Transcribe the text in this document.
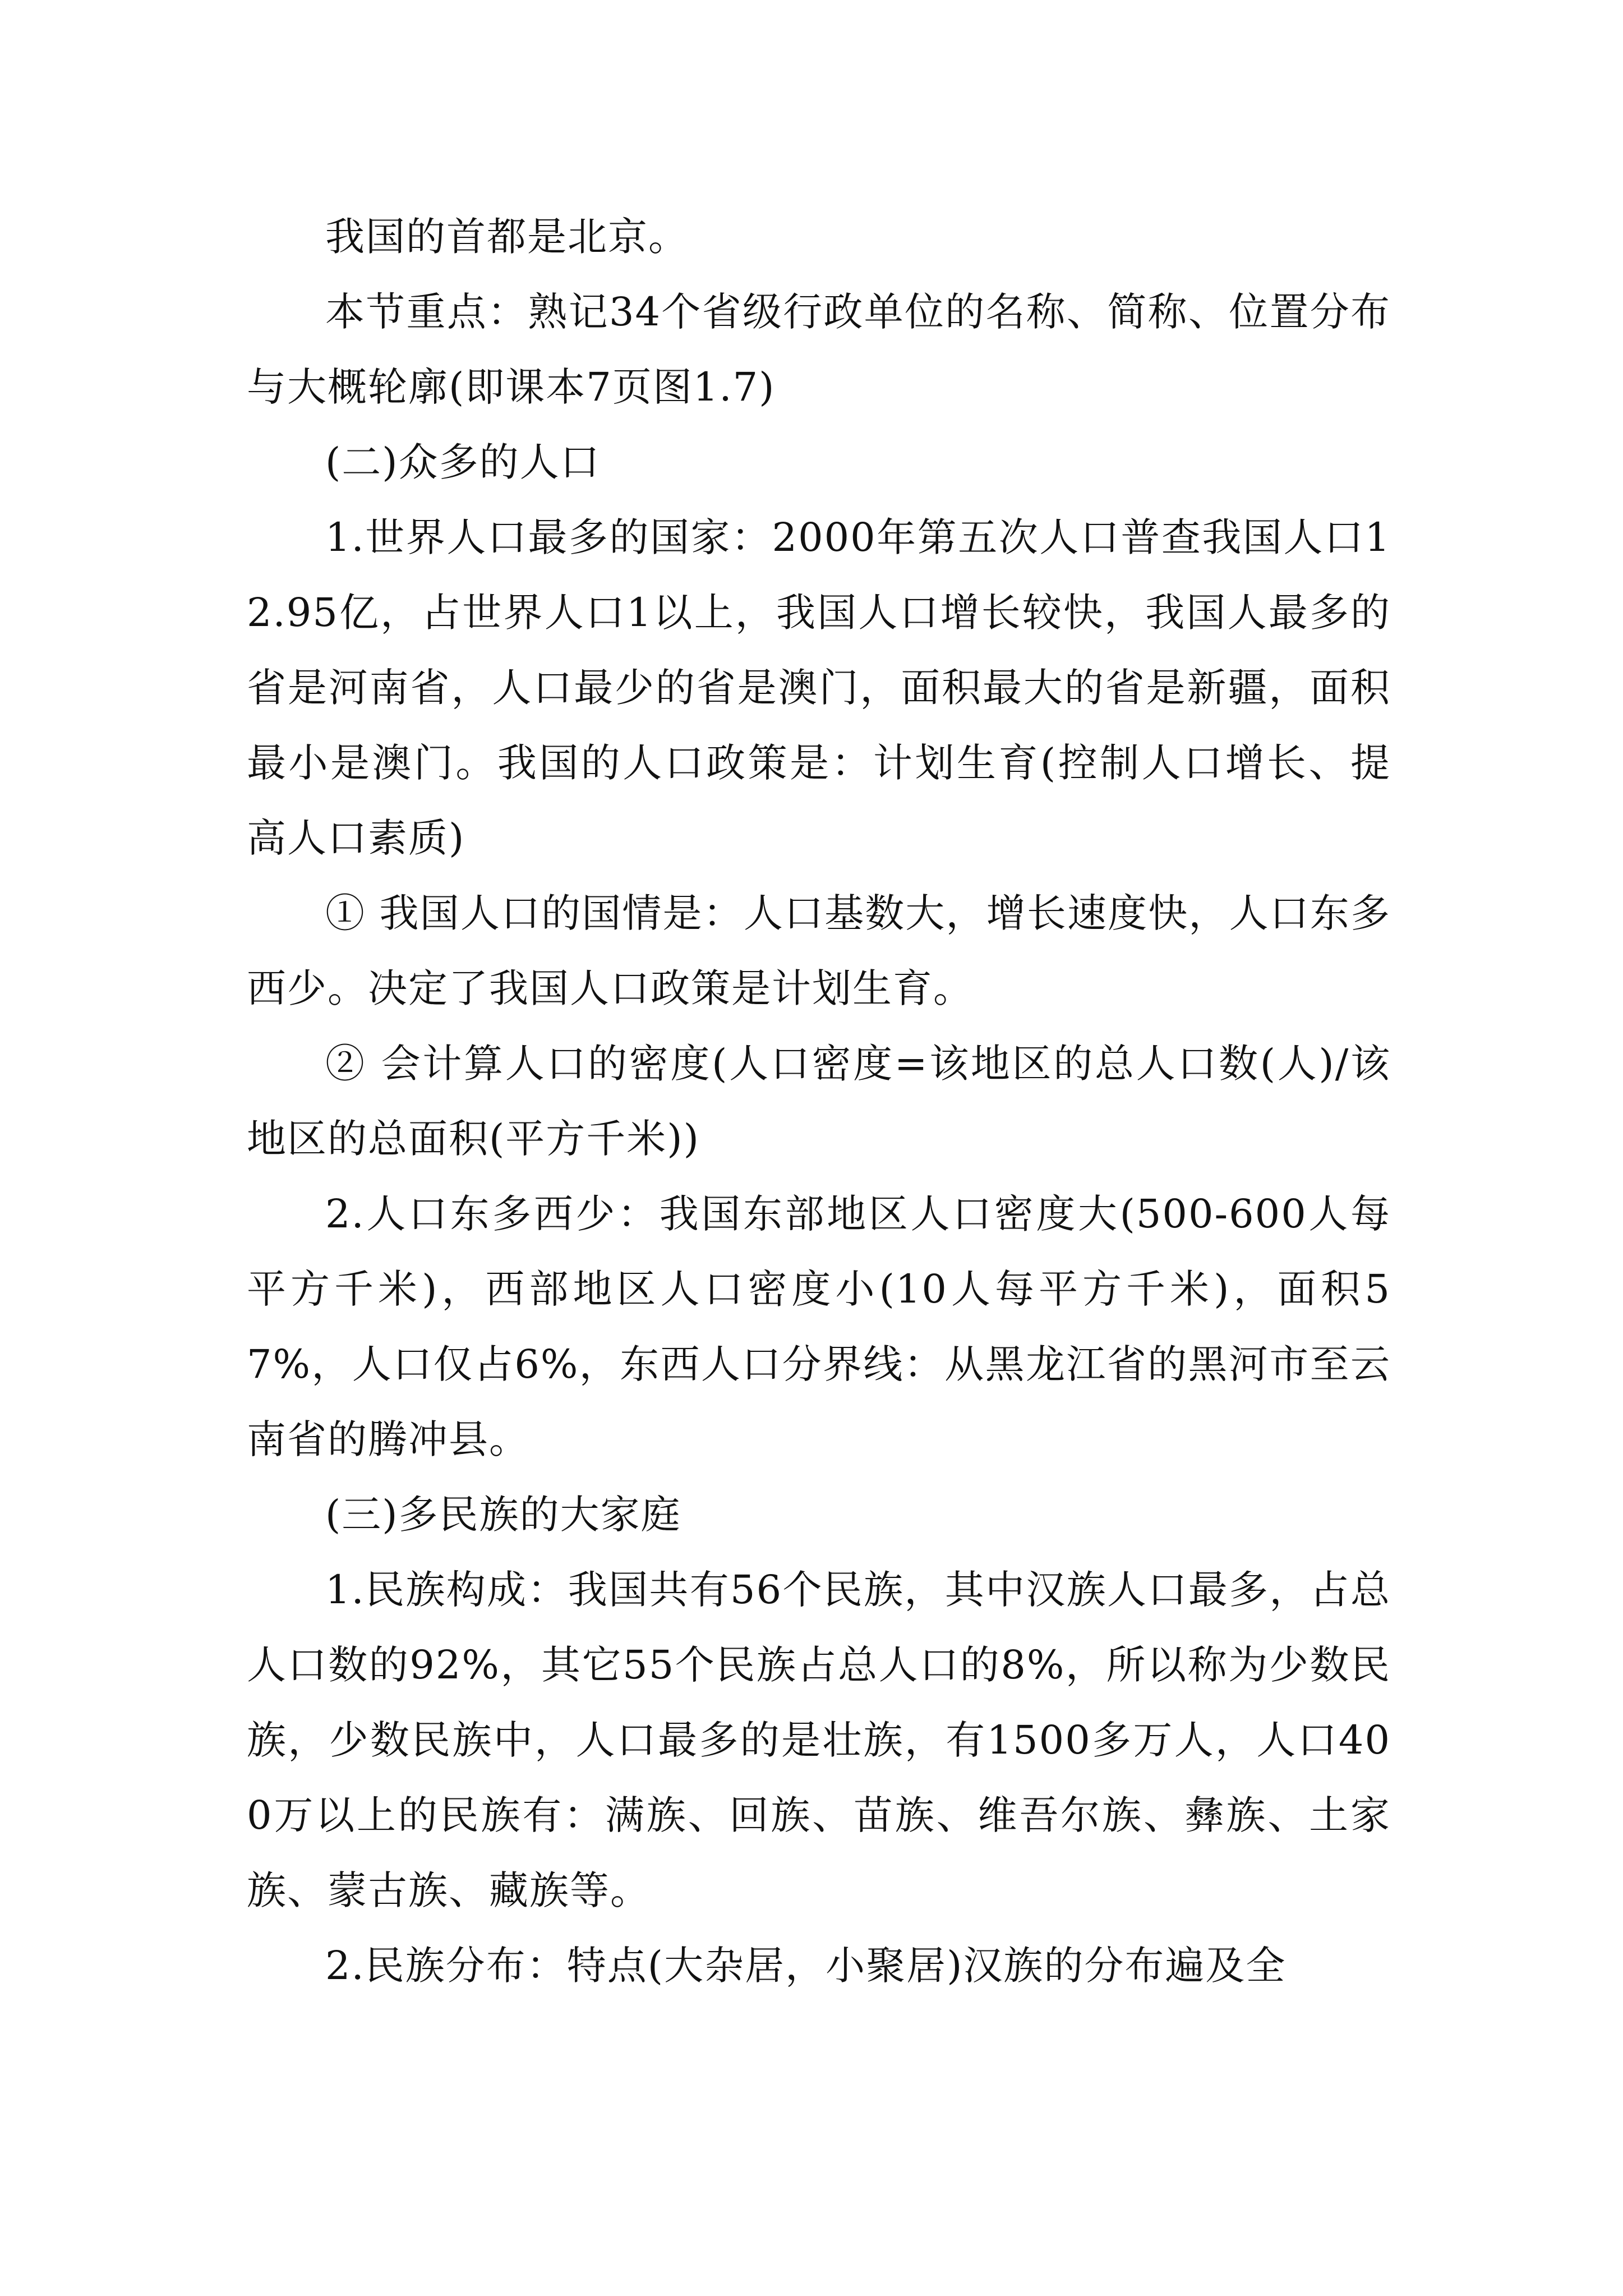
我国的首都是北京。

本节重点：熟记34个省级行政单位的名称、简称、位置分布与大概轮廓(即课本7页图1.7)

(二)众多的人口

1.世界人口最多的国家：2000年第五次人口普查我国人口12.95亿，占世界人口1以上，我国人口增长较快，我国人最多的省是河南省，人口最少的省是澳门，面积最大的省是新疆，面积最小是澳门。我国的人口政策是：计划生育(控制人口增长、提高人口素质)

① 我国人口的国情是：人口基数大，增长速度快，人口东多西少。决定了我国人口政策是计划生育。

② 会计算人口的密度(人口密度=该地区的总人口数(人)/该地区的总面积(平方千米))

2.人口东多西少：我国东部地区人口密度大(500-600人每平方千米)，西部地区人口密度小(10人每平方千米)，面积57%，人口仅占6%，东西人口分界线：从黑龙江省的黑河市至云南省的腾冲县。

(三)多民族的大家庭

1.民族构成：我国共有56个民族，其中汉族人口最多，占总人口数的92%，其它55个民族占总人口的8%，所以称为少数民族，少数民族中，人口最多的是壮族，有1500多万人，人口400万以上的民族有：满族、回族、苗族、维吾尔族、彝族、土家族、蒙古族、藏族等。

2.民族分布：特点(大杂居，小聚居)汉族的分布遍及全
